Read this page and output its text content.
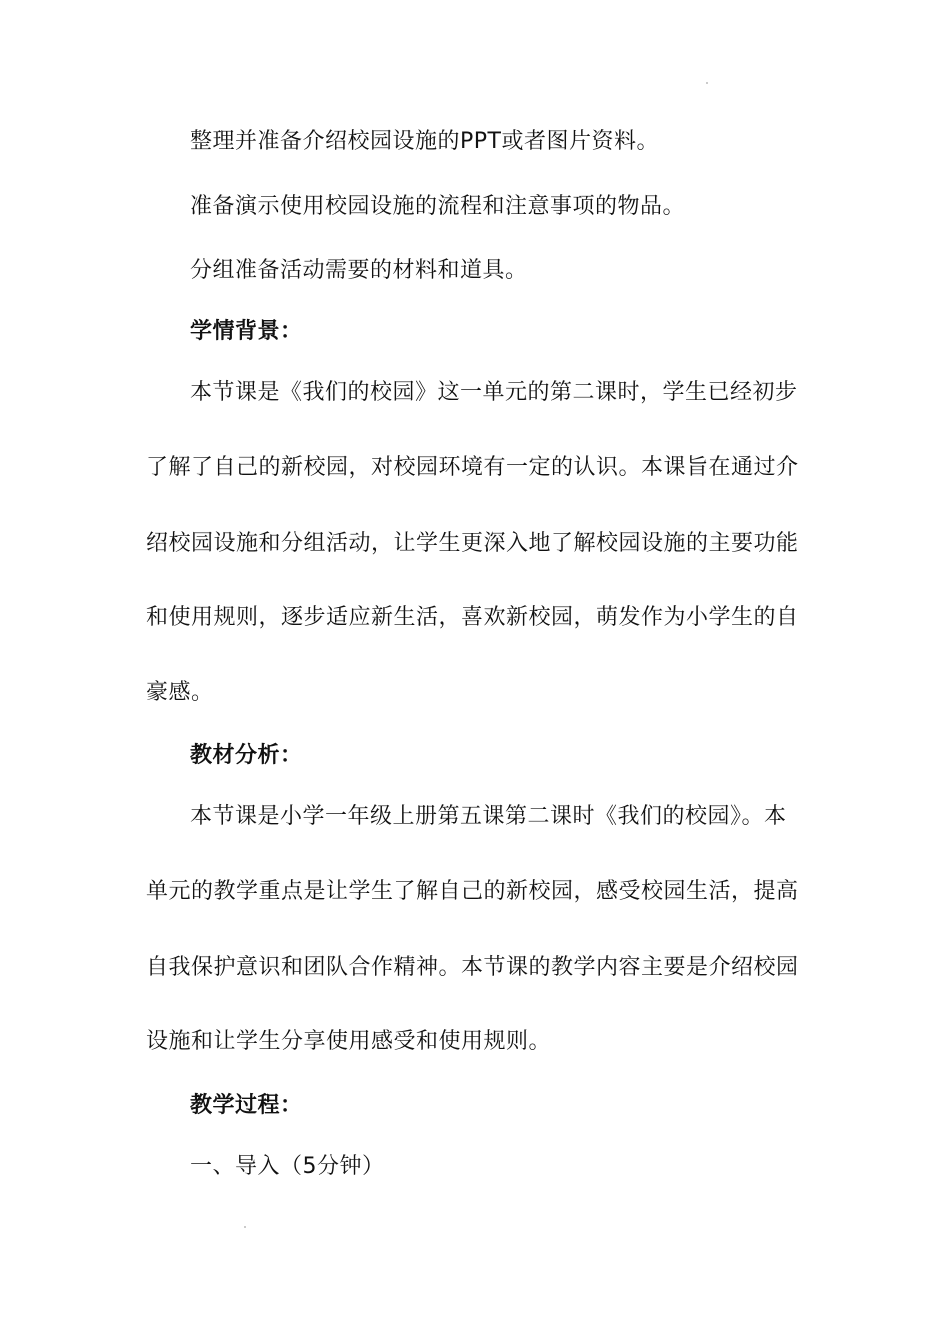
整理并准备介绍校园设施的PPT或者图片资料。
准备演示使用校园设施的流程和注意事项的物品。
分组准备活动需要的材料和道具。
学情背景：
本节课是《我们的校园》这一单元的第二课时，学生已经初步
了解了自己的新校园，对校园环境有一定的认识。本课旨在通过介
绍校园设施和分组活动，让学生更深入地了解校园设施的主要功能
和使用规则，逐步适应新生活，喜欢新校园，萌发作为小学生的自
豪感。
教材分析：
本节课是小学一年级上册第五课第二课时《我们的校园》。本
单元的教学重点是让学生了解自己的新校园，感受校园生活，提高
自我保护意识和团队合作精神。本节课的教学内容主要是介绍校园
设施和让学生分享使用感受和使用规则。
教学过程：
一、导入（5分钟）
